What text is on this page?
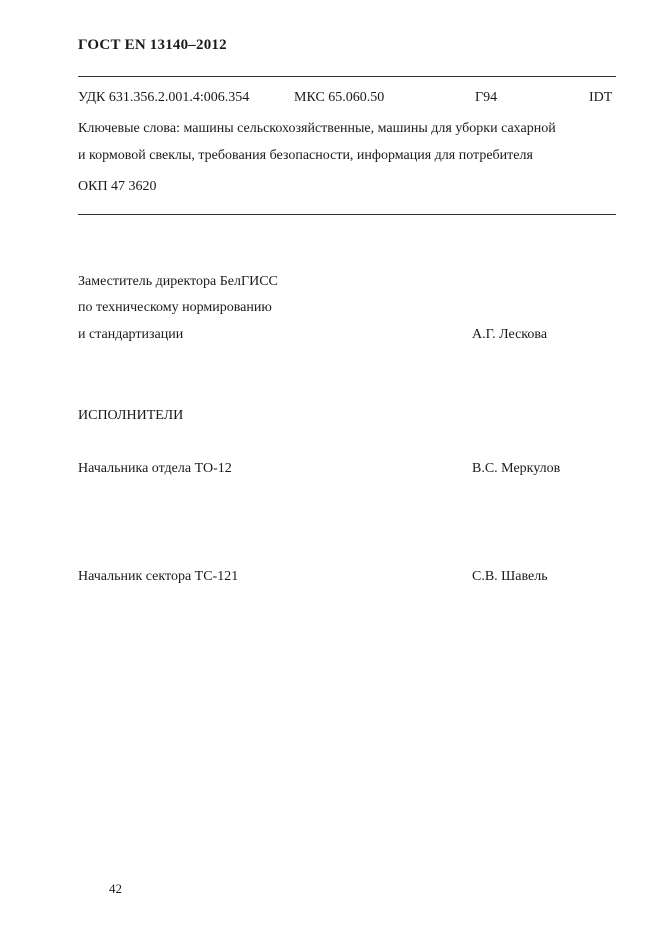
ГОСТ EN 13140–2012
УДК 631.356.2.001.4:006.354	МКС 65.060.50	Г94	IDT
Ключевые слова: машины сельскохозяйственные, машины для уборки сахарной
и кормовой свеклы, требования безопасности, информация для потребителя
ОКП 47 3620
Заместитель директора БелГИСС
по техническому нормированию
и стандартизации	А.Г. Лескова
ИСПОЛНИТЕЛИ
Начальника отдела ТО-12	В.С. Меркулов
Начальник сектора ТС-121	С.В. Шавель
42
